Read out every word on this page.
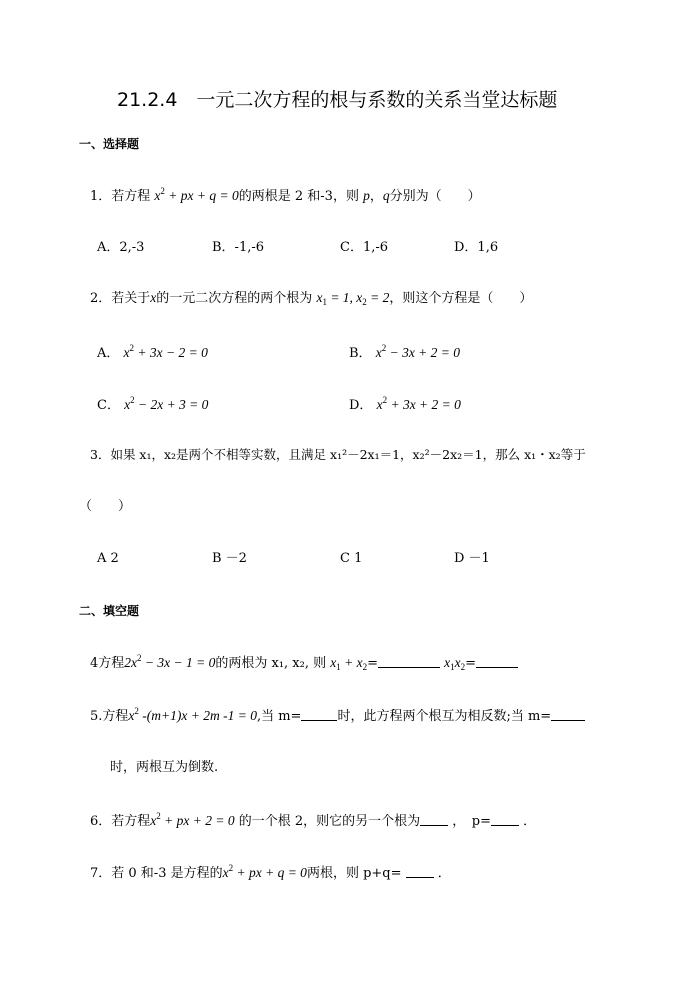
21.2.4　一元二次方程的根与系数的关系当堂达标题
一、选择题
1．若方程 $x^2$ + px + q = 0的两根是 2 和-3，则 p，q分别为（　　）
A．2,-3	B．-1,-6	C．1,-6	D．1,6
2．若关于x的一元二次方程的两个根为 $x_1 = 1$, $x_2 = 2$，则这个方程是（　　）
A． $x^2 + 3x - 2 = 0$	B． $x^2 - 3x + 2 = 0$
C． $x^2 - 2x + 3 = 0$	D． $x^2 + 3x + 2 = 0$
3．如果 x₁，x₂是两个不相等实数，且满足 x₁²－2x₁＝1，x₂²－2x₂＝1，那么 x₁・x₂等于
（　　）
A 2	B －2	C 1	D －1
二、填空题
4方程$2x^2 - 3x - 1 = 0$的两根为 x₁, x₂, 则 $x_1 + x_2=$	$x_1x_2=$
5.方程$x^2$ -(m+1)x + 2m -1 = 0,当 m=	时，此方程两个根互为相反数;当 m=
时，两根互为倒数.
6．若方程$x^2$ + px + 2 = 0 的一个根 2，则它的另一个根为 ，　p= ．
7．若 0 和-3 是方程的$x^2$ + px + q = 0两根，则 p+q=	．
